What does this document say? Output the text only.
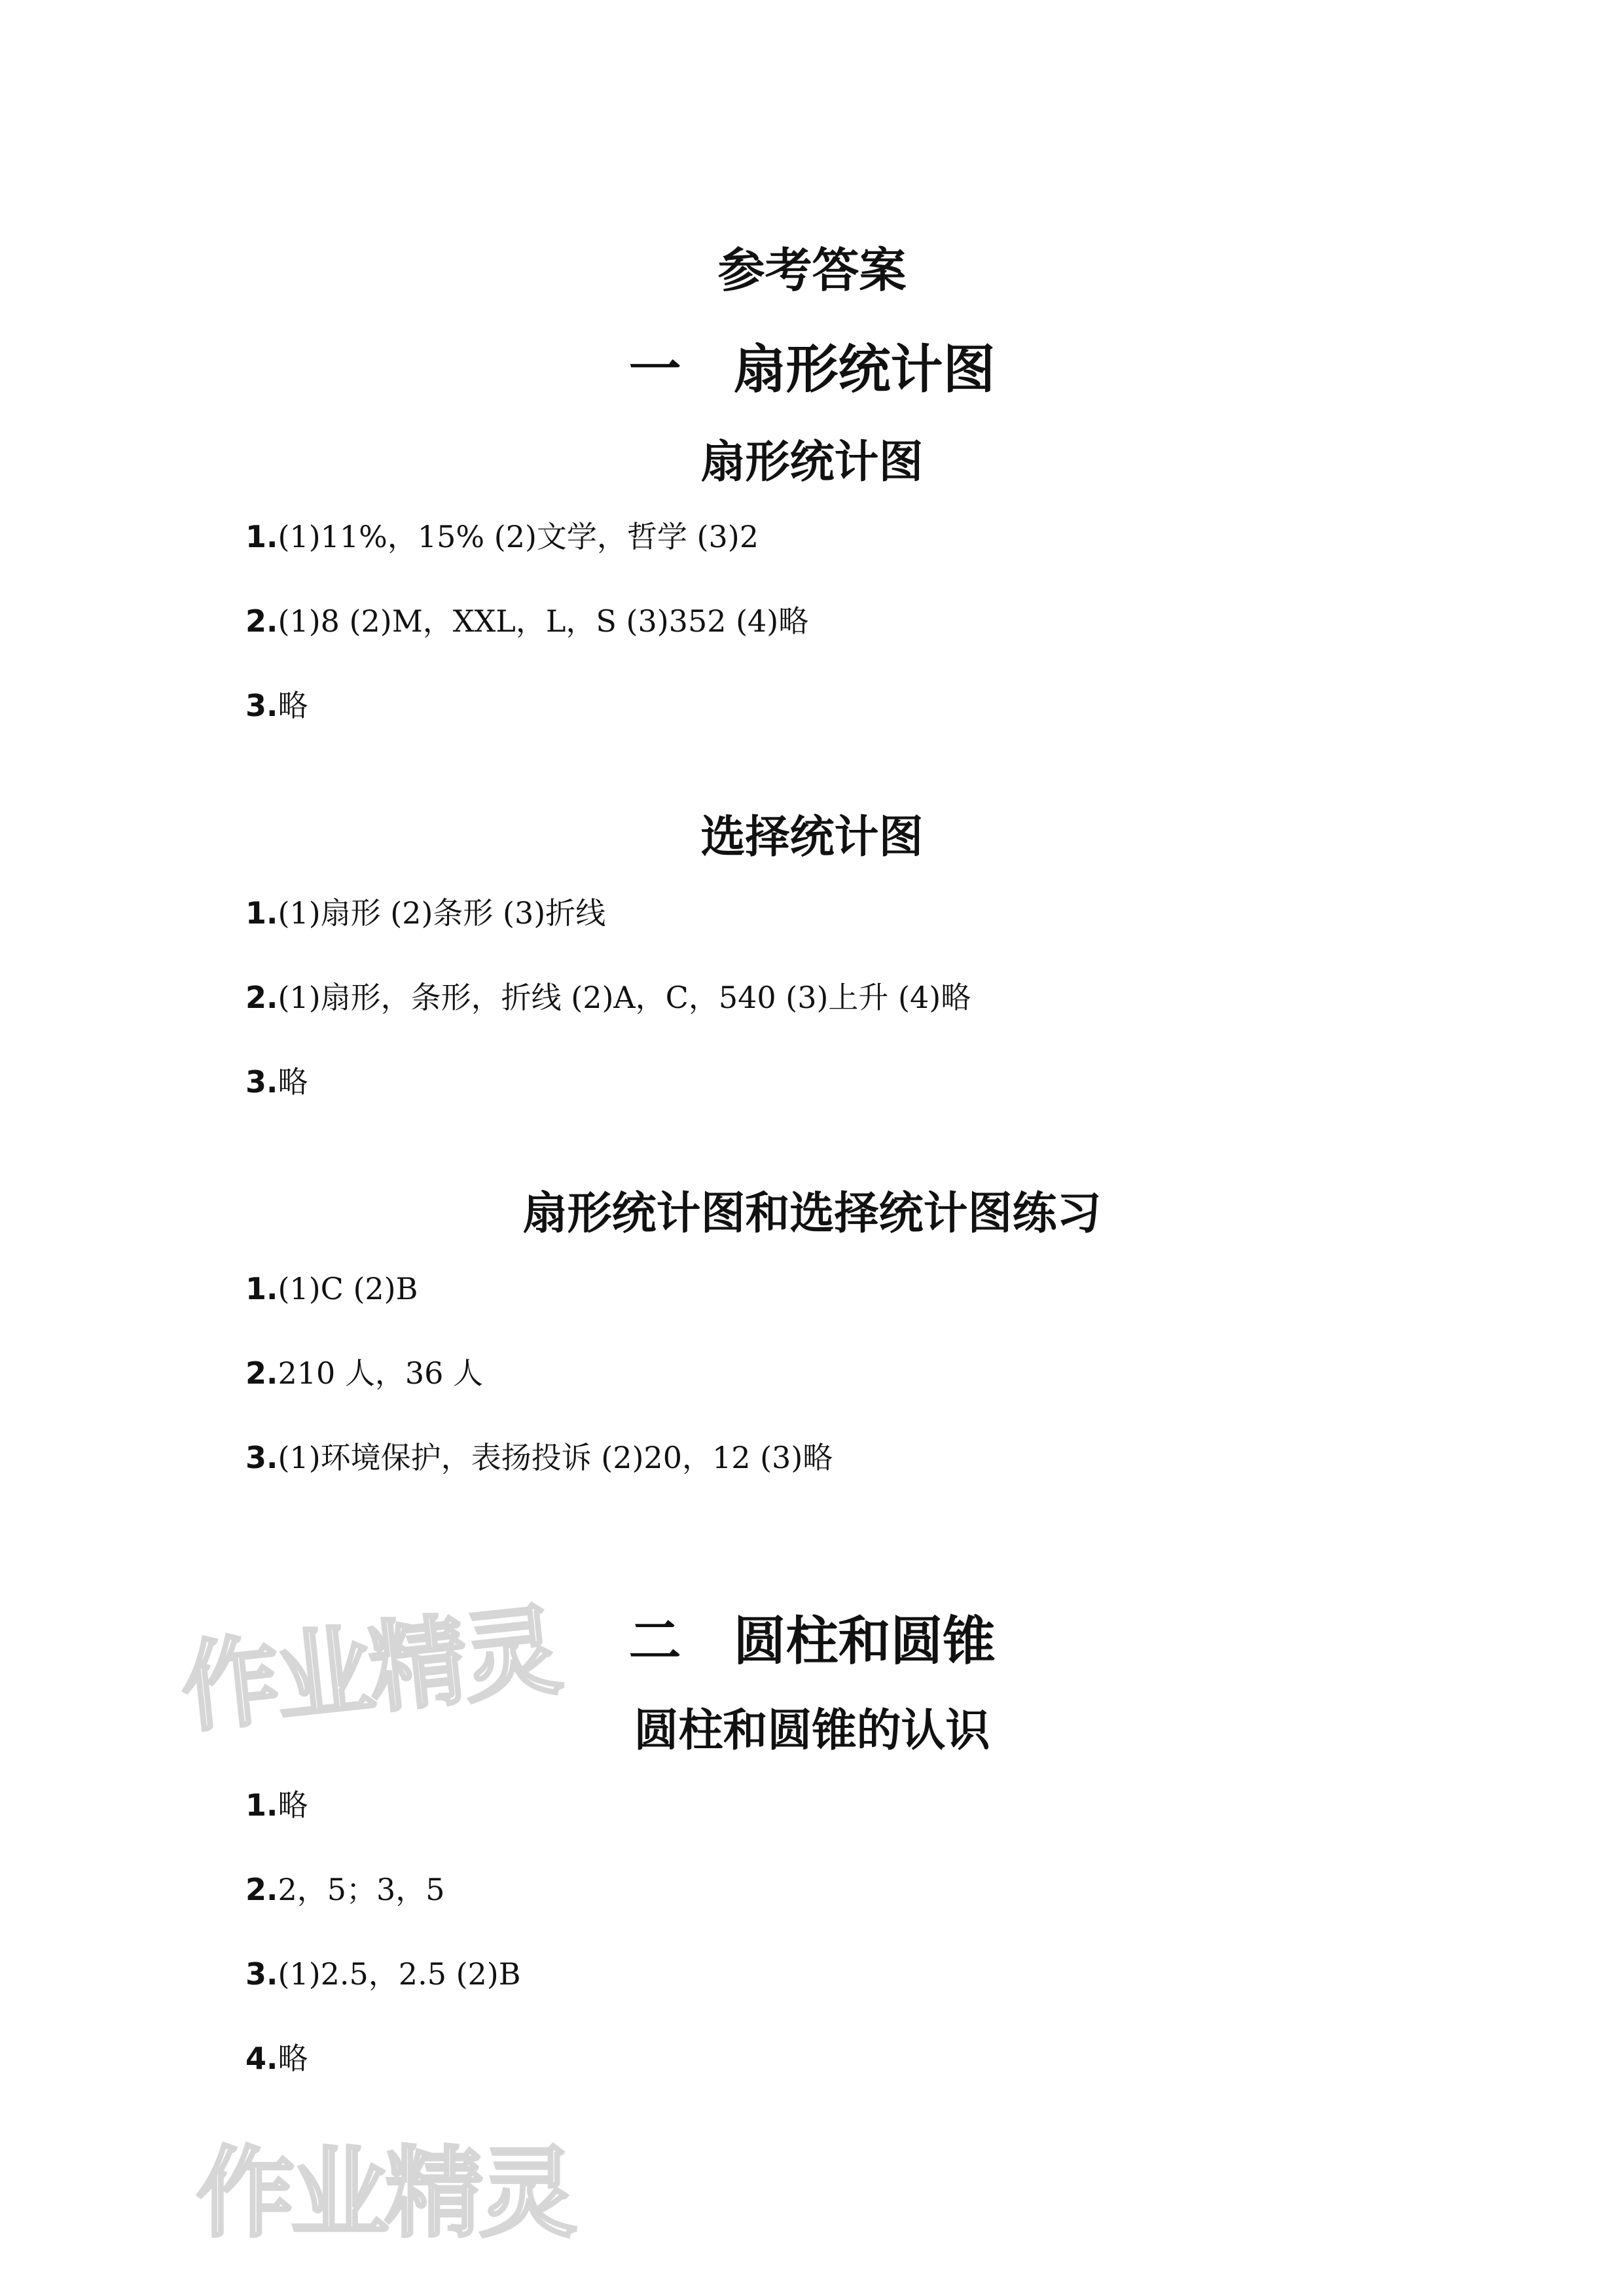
参考答案
一 扇形统计图
扇形统计图
1.(1)11%，15% (2)文学，哲学 (3)2
2.(1)8 (2)M，XXL，L，S (3)352 (4)略
3.略
选择统计图
1.(1)扇形 (2)条形 (3)折线
2.(1)扇形，条形，折线 (2)A，C，540 (3)上升 (4)略
3.略
扇形统计图和选择统计图练习
1.(1)C (2)B
2.210 人，36 人
3.(1)环境保护，表扬投诉 (2)20，12 (3)略
二 圆柱和圆锥
圆柱和圆锥的认识
1.略
2.2，5；3，5
3.(1)2.5，2.5 (2)B
4.略
作业精灵
作业精灵
